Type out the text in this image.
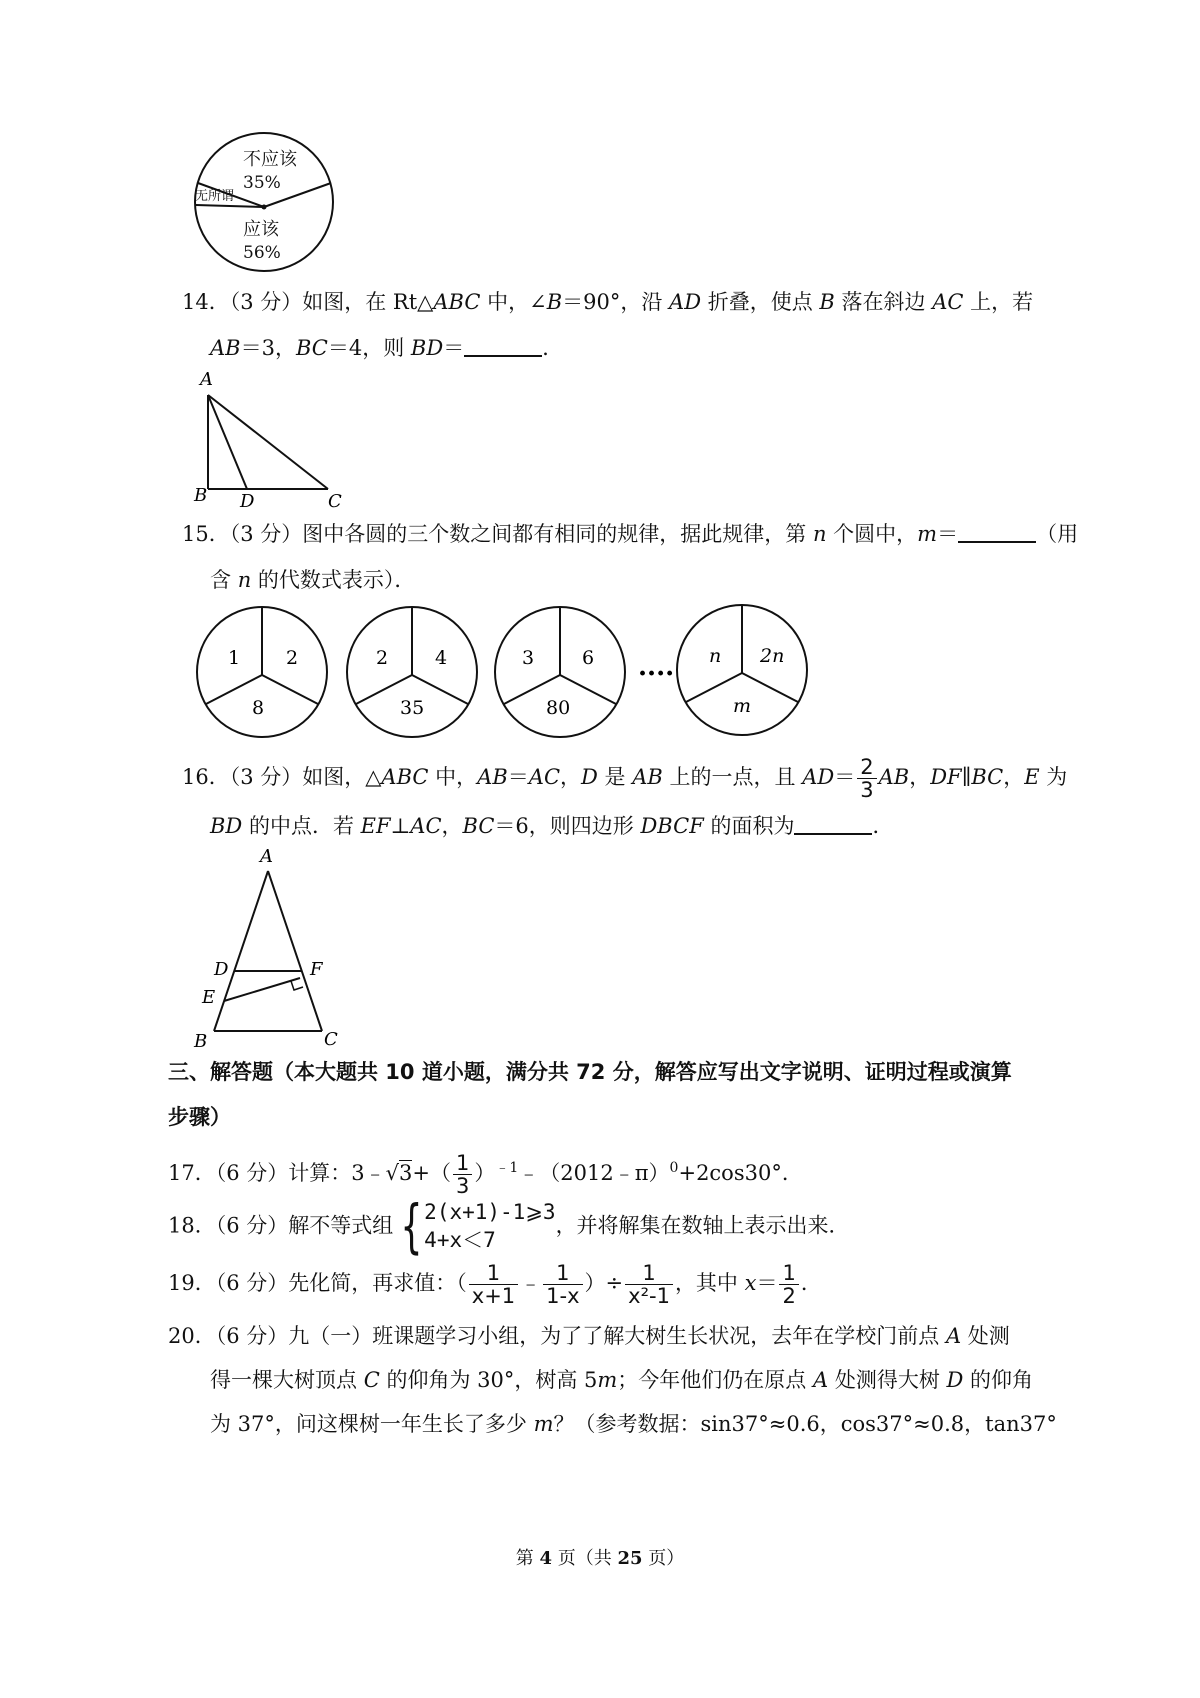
不应该
35%
无所谓
应该
56%
14．（3 分）如图，在 Rt△ABC 中，∠B＝90°，沿 AD 折叠，使点 B 落在斜边 AC 上，若
AB＝3，BC＝4，则 BD＝	．
A
B D	C
15．（3 分）图中各圆的三个数之间都有相同的规律，据此规律，第 n 个圆中，m＝	（用
含 n 的代数式表示）．
1 2
8
2 4
35
3	6
80
····
n 2n
m
16．（3 分）如图，△ABC 中，AB＝AC，D 是 AB 上的一点，且 $AD= \frac{2}{3}$ AB，DF∥BC，E 为
BD 的中点．若 EF⊥AC，BC＝6，则四边形 DBCF 的面积为	．
A
D	F
E
B	C
三、解答题（本大题共 10 道小题，满分共 72 分，解答应写出文字说明、证明过程或演算
步骤）
17．（6 分）计算：3﹣√3+（ $\frac{1}{3}$ ）$^{﹣1}$﹣（2012﹣π）$^0$+2cos30°．
18．（6 分）解不等式组 { 2(x+1)-1⩾3
4+x＜7
，并将解集在数轴上表示出来．
19．（6 分）先化简，再求值：（ $\frac{1}{x+1}$ ﹣ $\frac{1}{1-x}$ ）÷ $\frac{1}{\text{x²-1}}$ ，其中 $x= \frac{1}{2}$ ．
20．（6 分）九（一）班课题学习小组，为了了解大树生长状况，去年在学校门前点 A 处测
得一棵大树顶点 C 的仰角为 30°，树高 5m；今年他们仍在原点 A 处测得大树 D 的仰角
为 37°，问这棵树一年生长了多少 m？（参考数据：sin37°≈0.6，cos37°≈0.8，tan37°
第 4 页（共 25 页）
